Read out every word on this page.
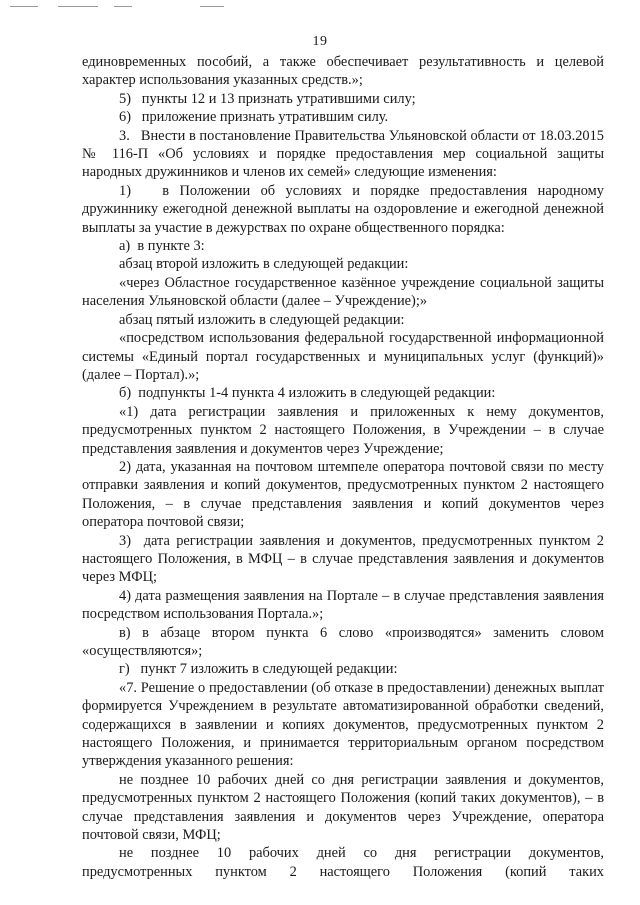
19

единовременных пособий, а также обеспечивает результативность и целевой характер использования указанных средств.»;

5)   пункты 12 и 13 признать утратившими силу;

6)   приложение признать утратившим силу.

3.   Внести в постановление Правительства Ульяновской области от 18.03.2015 № 116-П «Об условиях и порядке предоставления мер социальной защиты народных дружинников и членов их семей» следующие изменения:

1)   в Положении об условиях и порядке предоставления народному дружиннику ежегодной денежной выплаты на оздоровление и ежегодной денежной выплаты за участие в дежурствах по охране общественного порядка:

а)  в пункте 3:

абзац второй изложить в следующей редакции:

«через Областное государственное казённое учреждение социальной защиты населения Ульяновской области (далее – Учреждение);»

абзац пятый изложить в следующей редакции:

«посредством использования федеральной государственной информационной системы «Единый портал государственных и муниципальных услуг (функций)» (далее – Портал).»;

б)  подпункты 1-4 пункта 4 изложить в следующей редакции:

«1) дата регистрации заявления и приложенных к нему документов, предусмотренных пунктом 2 настоящего Положения, в Учреждении – в случае представления заявления и документов через Учреждение;

2) дата, указанная на почтовом штемпеле оператора почтовой связи по месту отправки заявления и копий документов, предусмотренных пунктом 2 настоящего Положения, – в случае представления заявления и копий документов через оператора почтовой связи;

3)  дата регистрации заявления и документов, предусмотренных пунктом 2 настоящего Положения, в МФЦ – в случае представления заявления и документов через МФЦ;

4) дата размещения заявления на Портале – в случае представления заявления посредством использования Портала.»;

в) в абзаце втором пункта 6 слово «производятся» заменить словом «осуществляются»;

г)   пункт 7 изложить в следующей редакции:

«7. Решение о предоставлении (об отказе в предоставлении) денежных выплат формируется Учреждением в результате автоматизированной обработки сведений, содержащихся в заявлении и копиях документов, предусмотренных пунктом 2 настоящего Положения, и принимается территориальным органом посредством утверждения указанного решения:

не позднее 10 рабочих дней со дня регистрации заявления и документов, предусмотренных пунктом 2 настоящего Положения (копий таких документов), – в случае представления заявления и документов через Учреждение, оператора почтовой связи, МФЦ;

не позднее 10 рабочих дней со дня регистрации документов, предусмотренных пунктом 2 настоящего Положения (копий таких
